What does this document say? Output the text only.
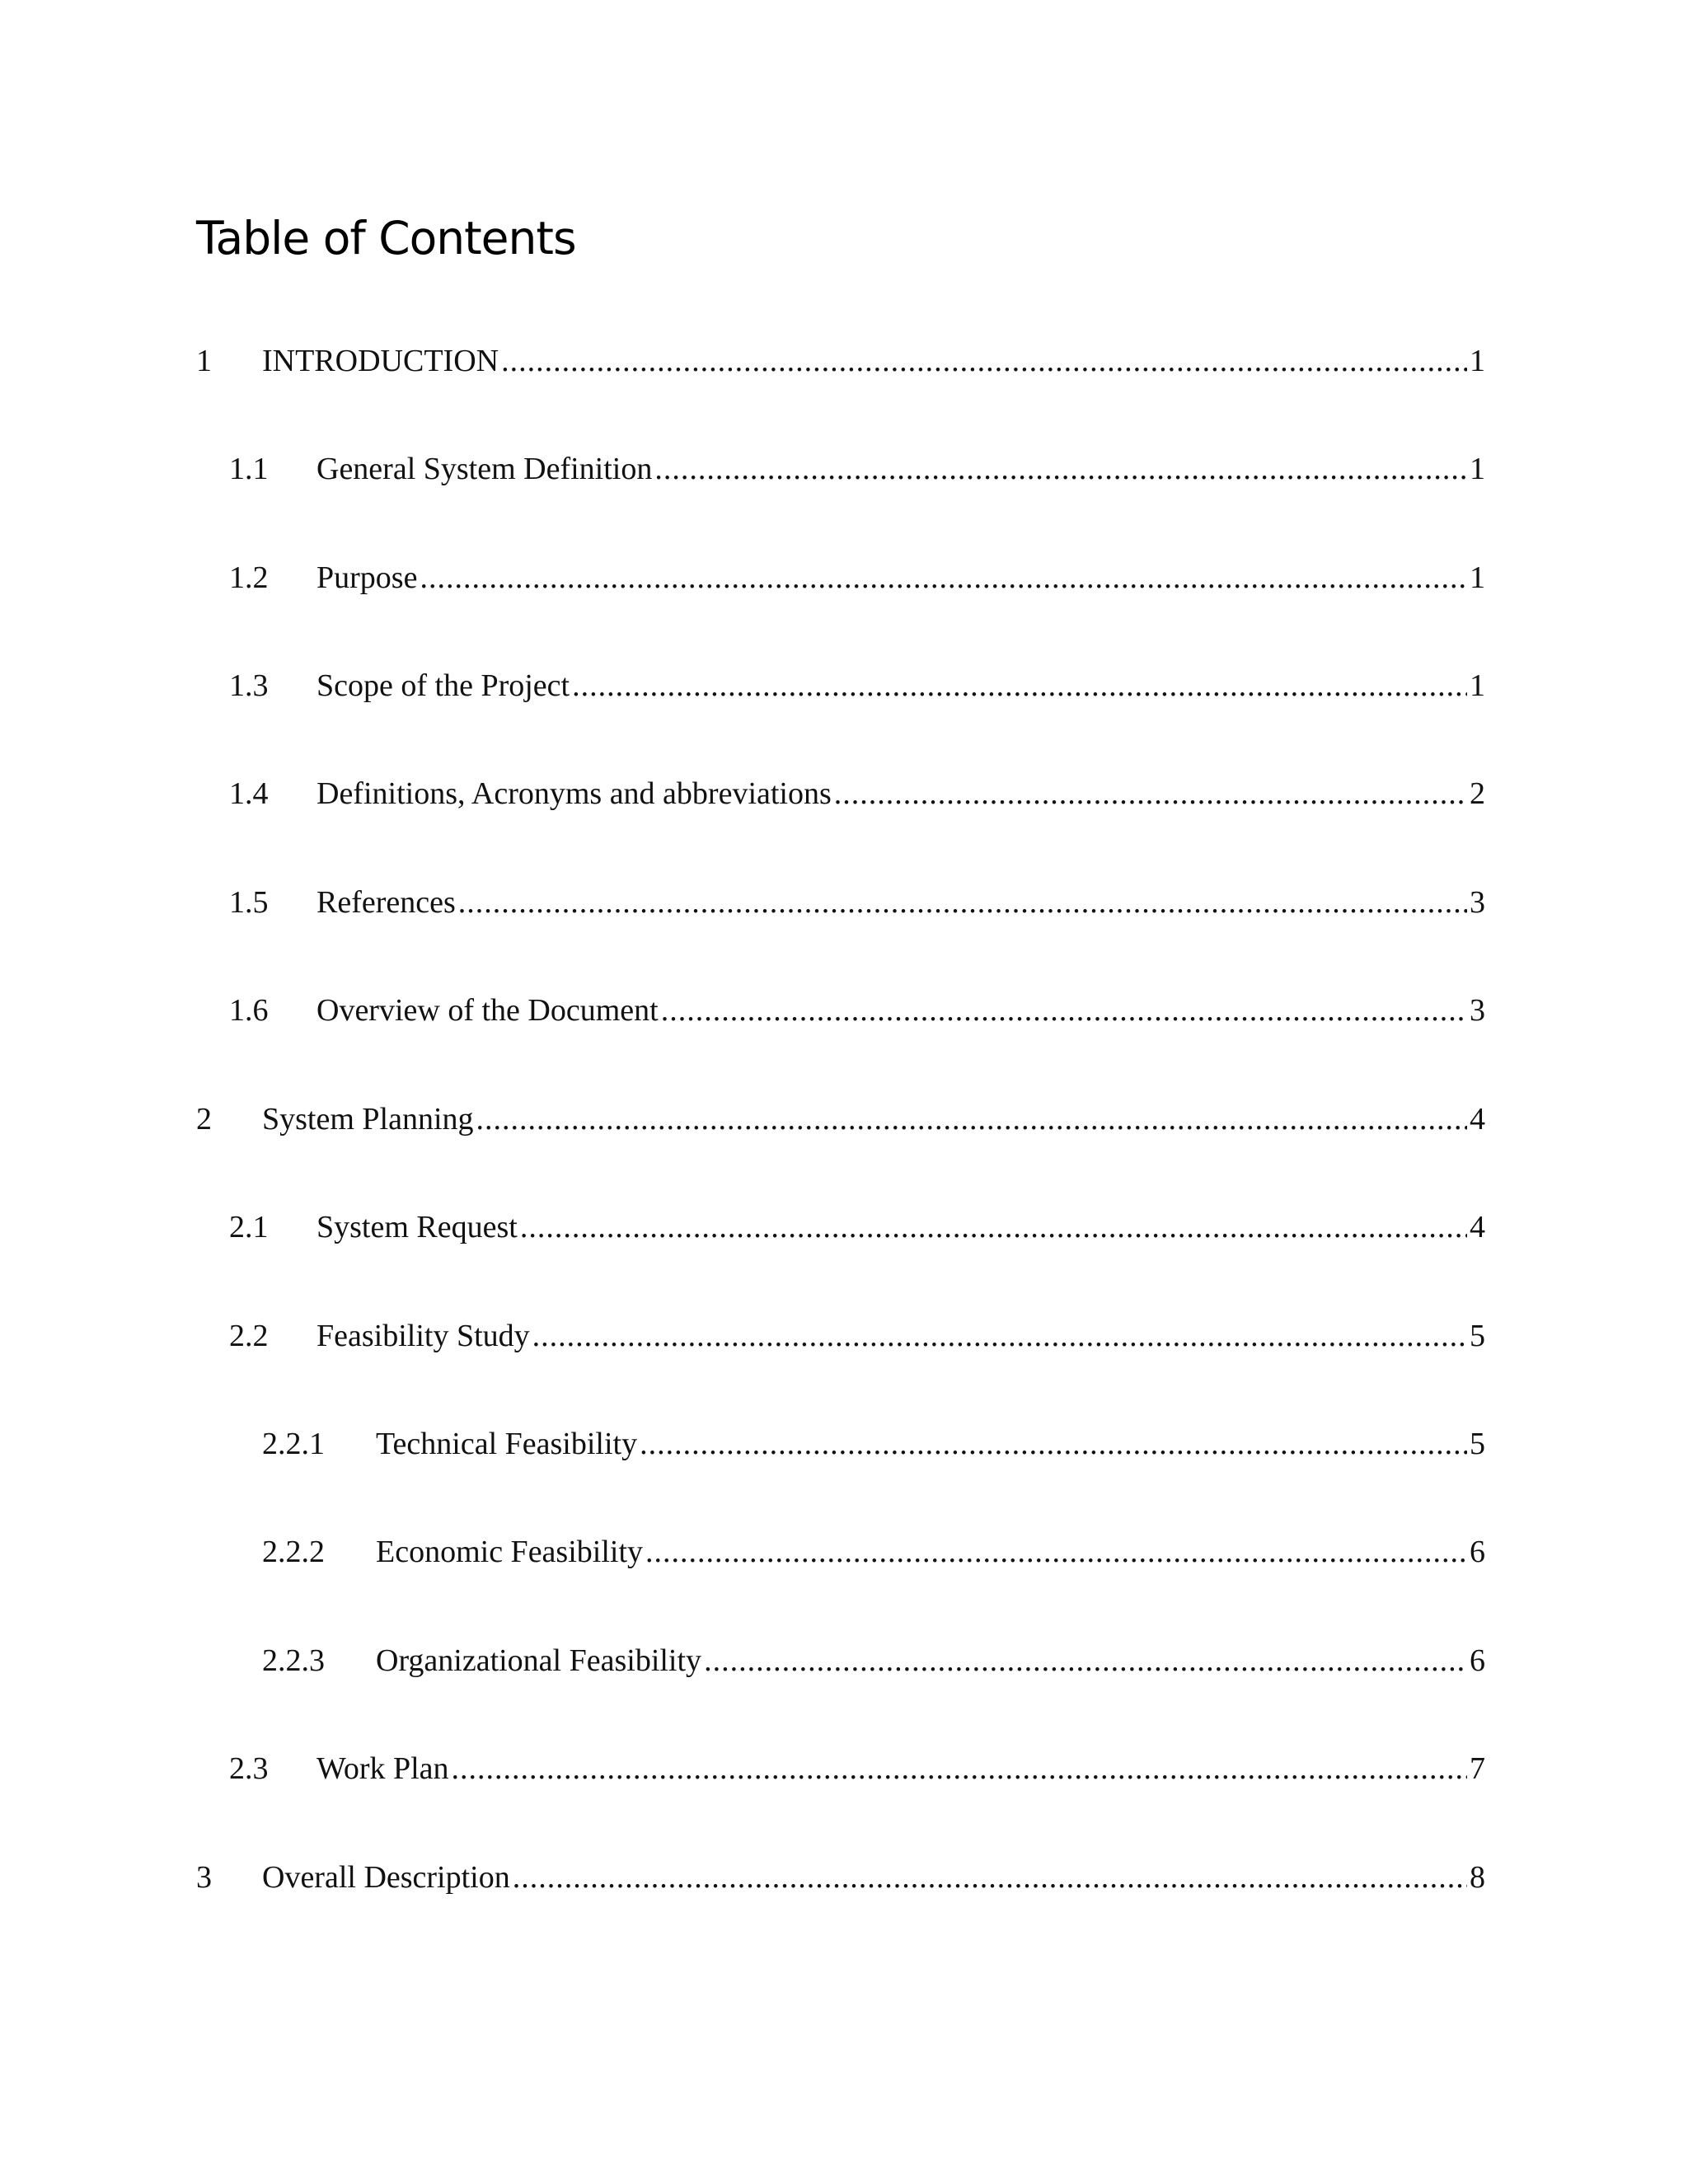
Table of Contents
1	INTRODUCTION .....	1
1.1	General System Definition .....	1
1.2	Purpose .....	1
1.3	Scope of the Project .....	1
1.4	Definitions, Acronyms and abbreviations .....	2
1.5	References .....	3
1.6	Overview of the Document .....	3
2	System Planning .....	4
2.1	System Request .....	4
2.2	Feasibility Study .....	5
2.2.1	Technical Feasibility .....	5
2.2.2	Economic Feasibility .....	6
2.2.3	Organizational Feasibility .....	6
2.3	Work Plan .....	7
3	Overall Description .....	8
